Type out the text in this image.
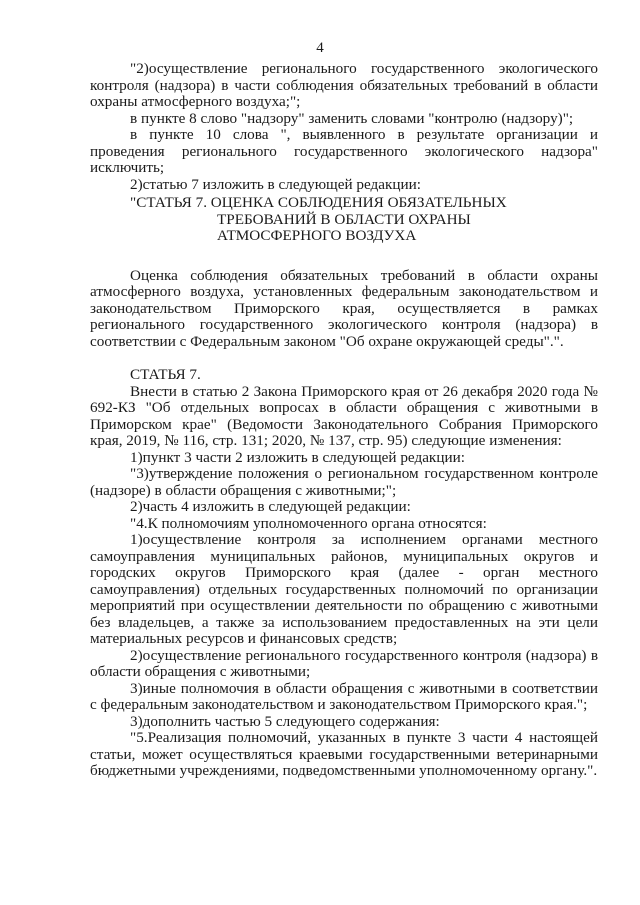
4

"2)осуществление регионального государственного экологического контроля (надзора) в части соблюдения обязательных требований в области охраны атмосферного воздуха;";

в пункте 8 слово "надзору" заменить словами "контролю (надзору)";

в пункте 10 слова ", выявленного в результате организации и проведения регионального государственного экологического надзора" исключить;

2)статью 7 изложить в следующей редакции:

"СТАТЬЯ 7. ОЦЕНКА СОБЛЮДЕНИЯ ОБЯЗАТЕЛЬНЫХ

ТРЕБОВАНИЙ В ОБЛАСТИ ОХРАНЫ

АТМОСФЕРНОГО ВОЗДУХА

Оценка соблюдения обязательных требований в области охраны атмосферного воздуха, установленных федеральным законодательством и законодательством Приморского края, осуществляется в рамках регионального государственного экологического контроля (надзора) в соответствии с Федеральным законом "Об охране окружающей среды".".

СТАТЬЯ 7.

Внести в статью 2 Закона Приморского края от 26 декабря 2020 года № 692-КЗ "Об отдельных вопросах в области обращения с животными в Приморском крае" (Ведомости Законодательного Собрания Приморского края, 2019, № 116, стр. 131; 2020, № 137, стр. 95) следующие изменения:

1)пункт 3 части 2 изложить в следующей редакции:

"3)утверждение положения о региональном государственном контроле (надзоре) в области обращения с животными;";

2)часть 4 изложить в следующей редакции:

"4.К полномочиям уполномоченного органа относятся:

1)осуществление контроля за исполнением органами местного самоуправления муниципальных районов, муниципальных округов и городских округов Приморского края (далее - орган местного самоуправления) отдельных государственных полномочий по организации мероприятий при осуществлении деятельности по обращению с животными без владельцев, а также за использованием предоставленных на эти цели материальных ресурсов и финансовых средств;

2)осуществление регионального государственного контроля (надзора) в области обращения с животными;

3)иные полномочия в области обращения с животными в соответствии с федеральным законодательством и законодательством Приморского края.";

3)дополнить частью 5 следующего содержания:

"5.Реализация полномочий, указанных в пункте 3 части 4 настоящей статьи, может осуществляться краевыми государственными ветеринарными бюджетными учреждениями, подведомственными уполномоченному органу.".
